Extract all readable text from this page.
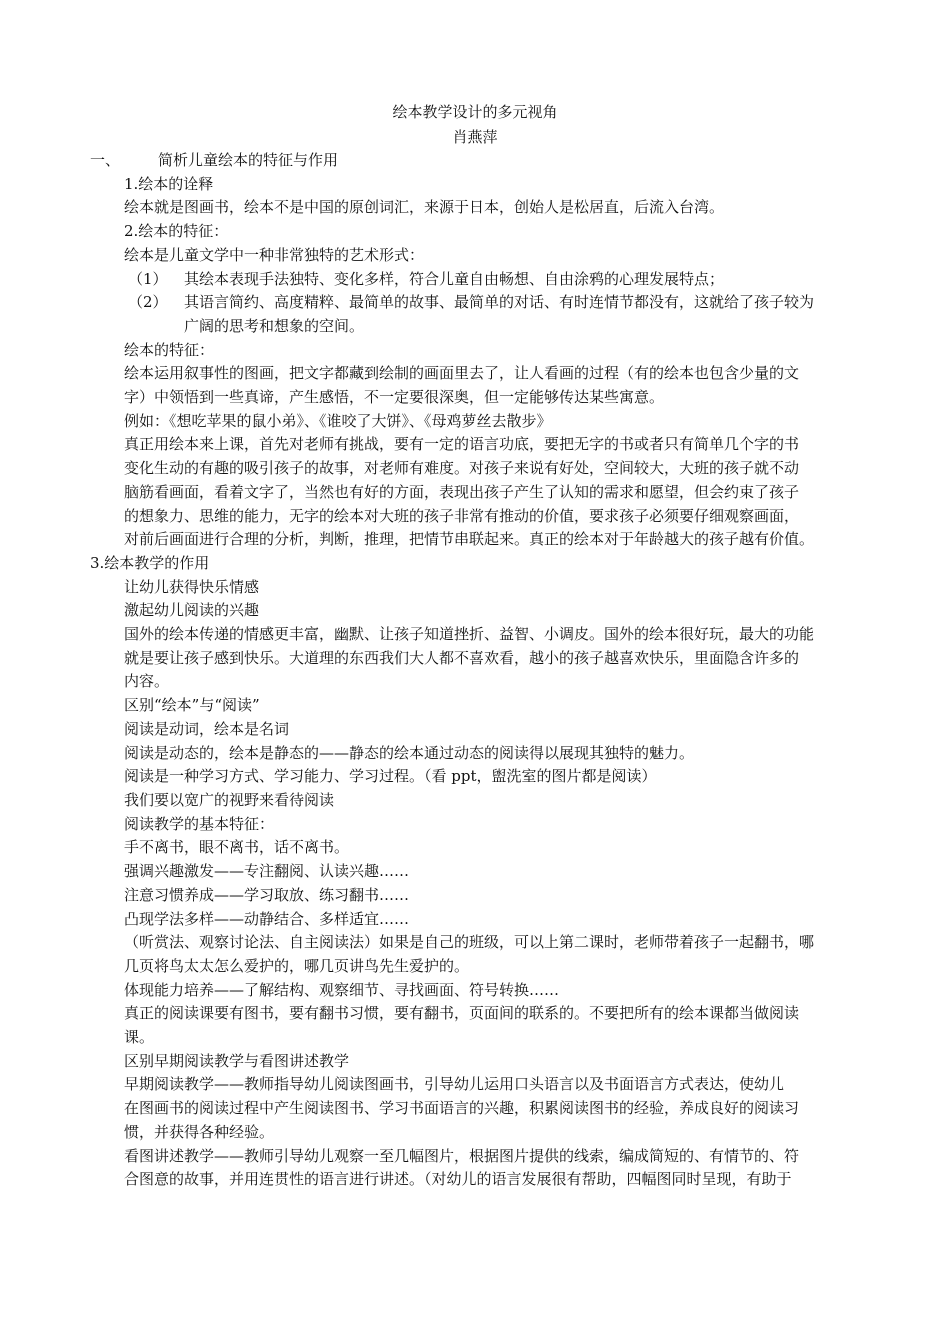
绘本教学设计的多元视角
肖燕萍
一、	简析儿童绘本的特征与作用
1.绘本的诠释
绘本就是图画书，绘本不是中国的原创词汇，来源于日本，创始人是松居直，后流入台湾。
2.绘本的特征：
绘本是儿童文学中一种非常独特的艺术形式：
（1） 其绘本表现手法独特、变化多样，符合儿童自由畅想、自由涂鸦的心理发展特点；
（2） 其语言简约、高度精粹、最简单的故事、最简单的对话、有时连情节都没有，这就给了孩子较为
广阔的思考和想象的空间。
绘本的特征：
绘本运用叙事性的图画，把文字都藏到绘制的画面里去了，让人看画的过程（有的绘本也包含少量的文
字）中领悟到一些真谛，产生感悟，不一定要很深奥，但一定能够传达某些寓意。
例如：《想吃苹果的鼠小弟》、《谁咬了大饼》、《母鸡萝丝去散步》
真正用绘本来上课，首先对老师有挑战，要有一定的语言功底，要把无字的书或者只有简单几个字的书
变化生动的有趣的吸引孩子的故事，对老师有难度。对孩子来说有好处，空间较大，大班的孩子就不动
脑筋看画面，看着文字了，当然也有好的方面，表现出孩子产生了认知的需求和愿望，但会约束了孩子
的想象力、思维的能力，无字的绘本对大班的孩子非常有推动的价值，要求孩子必须要仔细观察画面，
对前后画面进行合理的分析，判断，推理，把情节串联起来。真正的绘本对于年龄越大的孩子越有价值。
3.绘本教学的作用
让幼儿获得快乐情感
激起幼儿阅读的兴趣
国外的绘本传递的情感更丰富，幽默、让孩子知道挫折、益智、小调皮。国外的绘本很好玩，最大的功能
就是要让孩子感到快乐。大道理的东西我们大人都不喜欢看，越小的孩子越喜欢快乐，里面隐含许多的
内容。
区别“绘本”与“阅读”
阅读是动词，绘本是名词
阅读是动态的，绘本是静态的——静态的绘本通过动态的阅读得以展现其独特的魅力。
阅读是一种学习方式、学习能力、学习过程。（看 ppt，盥洗室的图片都是阅读）
我们要以宽广的视野来看待阅读
阅读教学的基本特征：
手不离书，眼不离书，话不离书。
强调兴趣激发——专注翻阅、认读兴趣……
注意习惯养成——学习取放、练习翻书……
凸现学法多样——动静结合、多样适宜……
（听赏法、观察讨论法、自主阅读法）如果是自己的班级，可以上第二课时，老师带着孩子一起翻书，哪
几页将鸟太太怎么爱护的，哪几页讲鸟先生爱护的。
体现能力培养——了解结构、观察细节、寻找画面、符号转换……
真正的阅读课要有图书，要有翻书习惯，要有翻书，页面间的联系的。不要把所有的绘本课都当做阅读
课。
区别早期阅读教学与看图讲述教学
早期阅读教学——教师指导幼儿阅读图画书，引导幼儿运用口头语言以及书面语言方式表达，使幼儿
在图画书的阅读过程中产生阅读图书、学习书面语言的兴趣，积累阅读图书的经验，养成良好的阅读习
惯，并获得各种经验。
看图讲述教学——教师引导幼儿观察一至几幅图片，根据图片提供的线索，编成简短的、有情节的、符
合图意的故事，并用连贯性的语言进行讲述。（对幼儿的语言发展很有帮助，四幅图同时呈现，有助于
